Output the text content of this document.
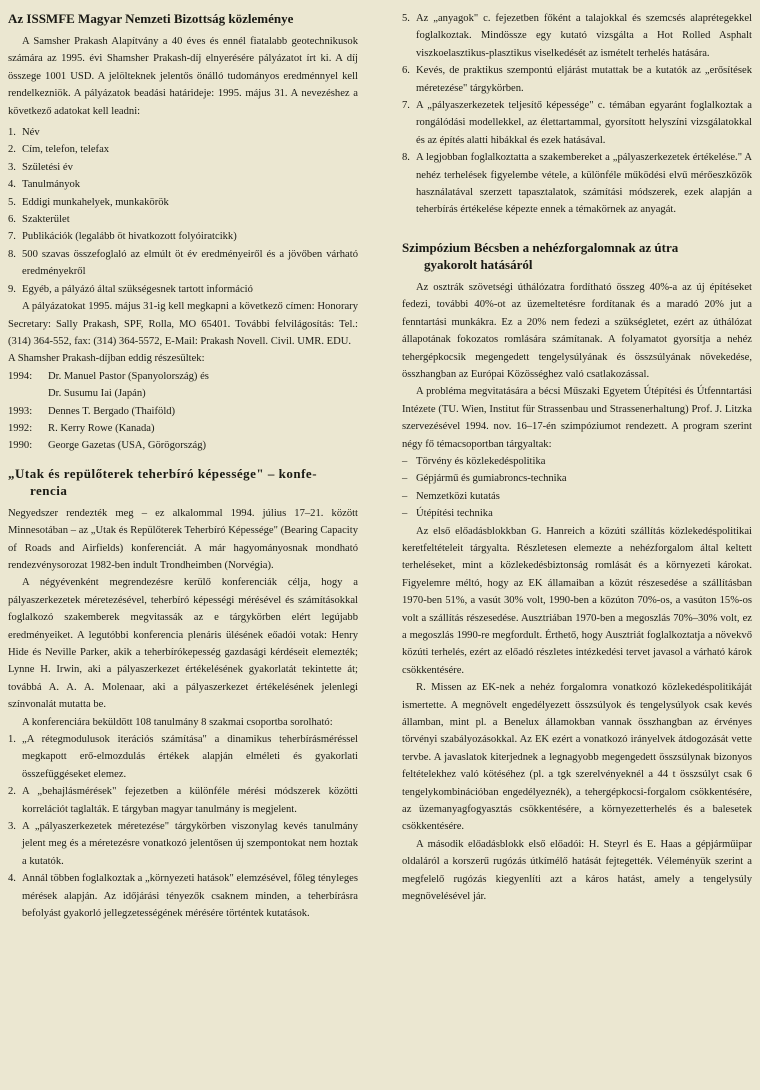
Az ISSMFE Magyar Nemzeti Bizottság közleménye

A Samsher Prakash Alapítvány a 40 éves és ennél fiatalabb geotechnikusok számára az 1995. évi Shamsher Prakash-díj elnyerésére pályázatot írt ki. A díj összege 1001 USD. A jelölteknek jelentős önálló tudományos eredménnyel kell rendelkezniök. A pályázatok beadási határideje: 1995. május 31. A nevezéshez a következő adatokat kell leadni:

1. Név
2. Cím, telefon, telefax
3. Születési év
4. Tanulmányok
5. Eddigi munkahelyek, munkakörök
6. Szakterület
7. Publikációk (legalább öt hivatkozott folyóiratcikk)
8. 500 szavas összefoglaló az elmúlt öt év eredményeiről és a jövőben várható eredményekről
9. Egyéb, a pályázó által szükségesnek tartott információ

A pályázatokat 1995. május 31-ig kell megkapni a következő címen: Honorary Secretary: Sally Prakash, SPF, Rolla, MO 65401. További felvilágosítás: Tel.: (314) 364-552, fax: (314) 364-5572, E-Mail: Prakash Novell. Civil. UMR. EDU.

A Shamsher Prakash-díjban eddig részesültek:

1994:	Dr. Manuel Pastor (Spanyolország) és
Dr. Susumu Iai (Japán)
1993:	Dennes T. Bergado (Thaiföld)
1992:	R. Kerry Rowe (Kanada)
1990:	George Gazetas (USA, Görögország)
„Utak és repülőterek teherbíró képessége" – konfe-
rencia

Negyedszer rendezték meg – ez alkalommal 1994. július 17–21. között Minnesotában – az „Utak és Repülőterek Teherbíró Képessége" (Bearing Capacity of Roads and Airfields) konferenciát. A már hagyományosnak mondható rendezvénysorozat 1982-ben indult Trondheimben (Norvégia).

A négyévenként megrendezésre kerülő konferenciák célja, hogy a pályaszerkezetek méretezésével, teherbíró képességi mérésével és számításokkal foglalkozó szakemberek megvitassák az e tárgykörben elért legújabb eredményeiket. A legutóbbi konferencia plenáris ülésének eőadói votak: Henry Hide és Neville Parker, akik a teherbírókepesség gazdasági kérdéseit elemezték; Lynne H. Irwin, aki a pályaszerkezet értékelésének gyakorlatát tekintette át; továbbá A. A. A. Molenaar, aki a pályaszerkezet értékelésének jelenlegi színvonalát mutatta be.

A konferenciára beküldött 108 tanulmány 8 szakmai csoportba sorolható:

1. „A rétegmodulusok iterációs számítása" a dinamikus teherbírásméréssel megkapott erő-elmozdulás értékek alapján elméleti és gyakorlati összefüggéseket elemez.
2. A „behajlásmérések" fejezetben a különféle mérési módszerek közötti korrelációt taglalták. E tárgyban magyar tanulmány is megjelent.
3. A „pályaszerkezetek méretezése" tárgykörben viszonylag kevés tanulmány jelent meg és a méretezésre vonatkozó jelentősen új szempontokat nem hoztak a kutatók.
4. Annál többen foglalkoztak a „környezeti hatások" elemzésével, főleg tényleges mérések alapján. Az időjárási tényezők csaknem minden, a teherbírásra befolyást gyakorló jellegzetességének mérésére történtek kutatások.
5. Az „anyagok" c. fejezetben főként a talajokkal és szemcsés alaprétegekkel foglalkoztak. Mindössze egy kutató vizsgálta a Hot Rolled Asphalt viszkoelasztikus-plasztikus viselkedését az ismételt terhelés hatására.
6. Kevés, de praktikus szempontú eljárást mutattak be a kutatók az „erősítések méretezése" tárgykörben.
7. A „pályaszerkezetek teljesítő képessége" c. témában egyaránt foglalkoztak a rongálódási modellekkel, az élettartammal, gyorsított helyszíni vizsgálatokkal és az építés alatti hibákkal és ezek hatásával.
8. A legjobban foglalkoztatta a szakembereket a „pályaszerkezetek értékelése." A nehéz terhelések figyelembe vétele, a különféle működési elvű mérőeszközök használatával szerzett tapasztalatok, számítási módszerek, ezek alapján a teherbírás értékelése képezte ennek a témakörnek az anyagát.
Szimpózium Bécsben a nehézforgalomnak az útra
gyakorolt hatásáról

Az osztrák szövetségi úthálózatra fordítható összeg 40%-a az új építéseket fedezi, további 40%-ot az üzemeltetésre fordítanak és a maradó 20% jut a fenntartási munkákra. Ez a 20% nem fedezi a szükségletet, ezért az úthálózat állapotának fokozatos romlására számítanak. A folyamatot gyorsítja a nehéz tehergépkocsik megengedett tengelysúlyának és összsúlyának növekedése, összhangban az Európai Közösséghez való csatlakozással.

A probléma megvitatására a bécsi Műszaki Egyetem Útépítési és Útfenntartási Intézete (TU. Wien, Institut für Strassenbau und Strassenerhaltung) Prof. J. Litzka szervezésével 1994. nov. 16–17-én szimpóziumot rendezett. A program szerint négy fő témacsoportban tárgyaltak:

– Törvény és közlekedéspolitika
– Gépjármű és gumiabroncs-technika
– Nemzetközi kutatás
– Útépítési technika

Az első előadásblokkban G. Hanreich a közúti szállítás közlekedéspolitikai keretfeltételeit tárgyalta. Részletesen elemezte a nehézforgalom által keltett terheléseket, mint a közlekedésbiztonság romlását és a környezeti károkat. Figyelemre méltó, hogy az EK államaiban a közút részesedése a szállításban 1970-ben 51%, a vasút 30% volt, 1990-ben a közúton 70%-os, a vasúton 15%-os volt a szállítás részesedése. Ausztriában 1970-ben a megoszlás 70%–30% volt, ez a megoszlás 1990-re megfordult. Érthető, hogy Ausztriát foglalkoztatja a növekvő közúti terhelés, ezért az előadó részletes intézkedési tervet javasol a várható károk csökkentésére.

R. Missen az EK-nek a nehéz forgalomra vonatkozó közlekedéspolitikáját ismertette. A megnövelt engedélyezett összsúlyok és tengelysúlyok csak kevés államban, mint pl. a Benelux államokban vannak összhangban az érvényes törvényi szabályozásokkal. Az EK ezért a vonatkozó irányelvek átdogozását vette tervbe. A javaslatok kiterjednek a legnagyobb megengedett összsúlynak bizonyos feltételekhez való kötéséhez (pl. a tgk szerelvényeknél a 44 t összsúlyt csak 6 tengelykombinációban engedélyeznék), a tehergépkocsi-forgalom csökkentésére, az üzemanyagfogyasztás csökkentésére, a környezetterhelés és a balesetek csökkentésére.

A második előadásblokk első előadói: H. Steyrl és E. Haas a gépjárműipar oldaláról a korszerű rugózás útkímélő hatását fejtegették. Véleményük szerint a megfelelő rugózás kiegyenlíti azt a káros hatást, amely a tengelysúly megnövelésével jár.
